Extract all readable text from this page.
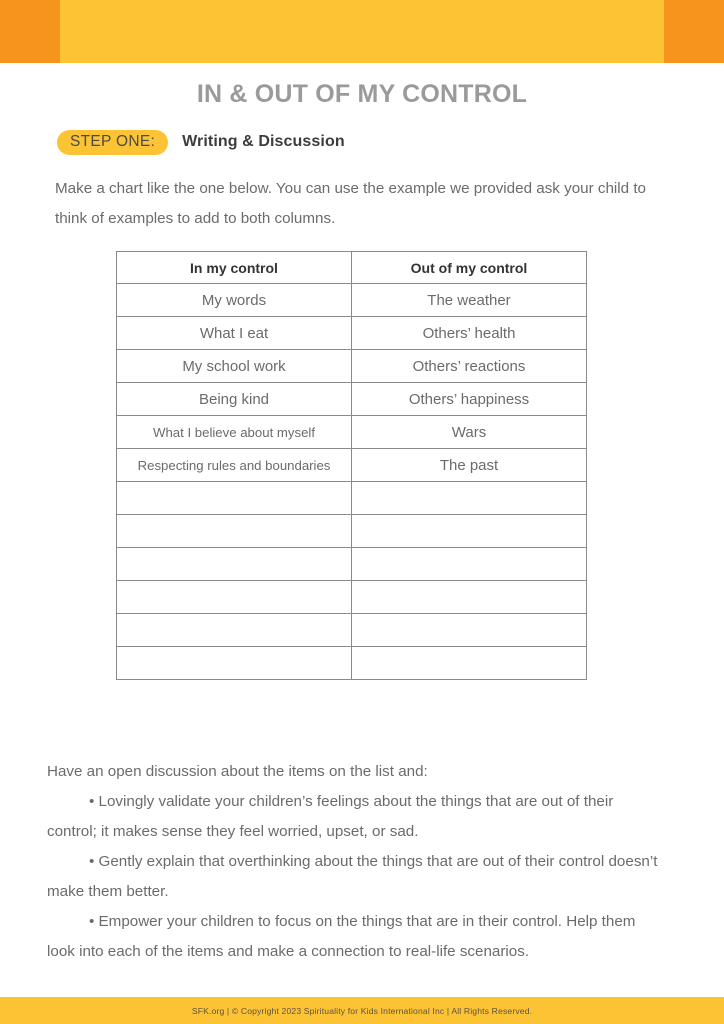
IN & OUT OF MY CONTROL
STEP ONE:	Writing & Discussion
Make a chart like the one below. You can use the example we provided ask your child to think of examples to add to both columns.
In my control	Out of my control
My words	The weather
What I eat	Others’ health
My school work	Others’ reactions
Being kind	Others’ happiness
What I believe about myself	Wars
Respecting rules and boundaries	The past

Have an open discussion about the items on the list and:

• Lovingly validate your children’s feelings about the things that are out of their control; it makes sense they feel worried, upset, or sad.

• Gently explain that overthinking about the things that are out of their control doesn’t make them better.

• Empower your children to focus on the things that are in their control. Help them look into each of the items and make a connection to real-life scenarios.

SFK.org | © Copyright 2023 Spirituality for Kids International Inc | All Rights Reserved.
